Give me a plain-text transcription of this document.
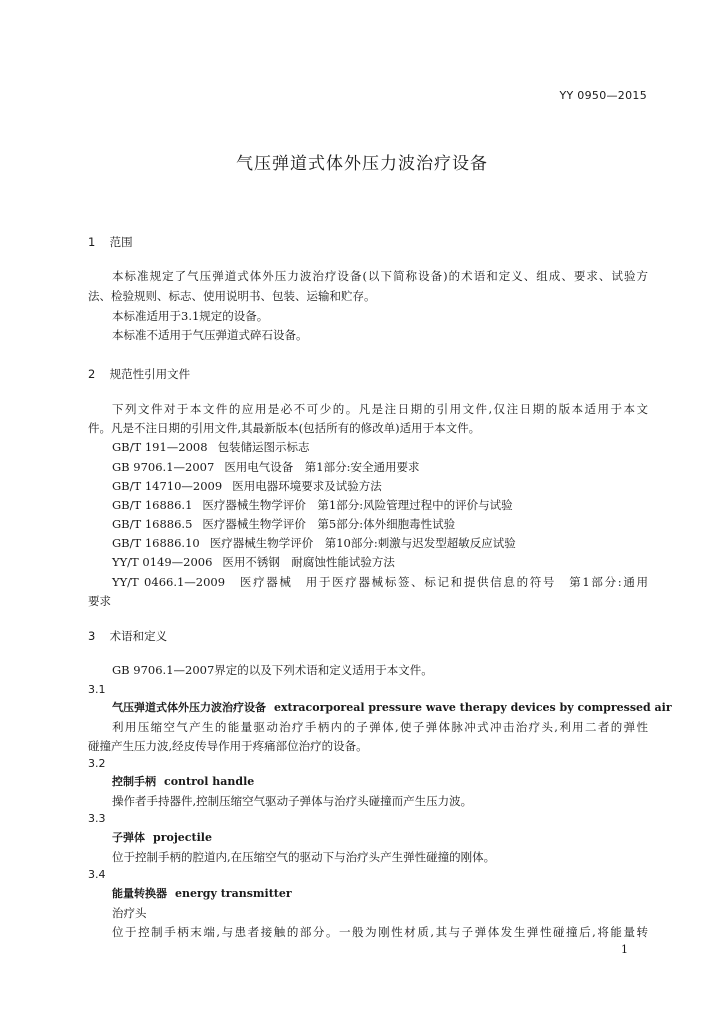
YY 0950—2015
气压弹道式体外压力波治疗设备
1 范围
本标准规定了气压弹道式体外压力波治疗设备(以下简称设备)的术语和定义、组成、要求、试验方
法、检验规则、标志、使用说明书、包装、运输和贮存。
本标准适用于3.1规定的设备。
本标准不适用于气压弹道式碎石设备。
2 规范性引用文件
下列文件对于本文件的应用是必不可少的。凡是注日期的引用文件,仅注日期的版本适用于本文
件。凡是不注日期的引用文件,其最新版本(包括所有的修改单)适用于本文件。
GB/T 191—2008 包装储运图示标志
GB 9706.1—2007 医用电气设备　第1部分:安全通用要求
GB/T 14710—2009 医用电器环境要求及试验方法
GB/T 16886.1 医疗器械生物学评价　第1部分:风险管理过程中的评价与试验
GB/T 16886.5 医疗器械生物学评价　第5部分:体外细胞毒性试验
GB/T 16886.10 医疗器械生物学评价　第10部分:刺激与迟发型超敏反应试验
YY/T 0149—2006 医用不锈钢　耐腐蚀性能试验方法
YY/T 0466.1—2009　医疗器械　用于医疗器械标签、标记和提供信息的符号　第1部分:通用
要求
3 术语和定义
GB 9706.1—2007界定的以及下列术语和定义适用于本文件。
3.1
气压弹道式体外压力波治疗设备 extracorporeal pressure wave therapy devices by compressed air
利用压缩空气产生的能量驱动治疗手柄内的子弹体,使子弹体脉冲式冲击治疗头,利用二者的弹性
碰撞产生压力波,经皮传导作用于疼痛部位治疗的设备。
3.2
控制手柄 control handle
操作者手持器件,控制压缩空气驱动子弹体与治疗头碰撞而产生压力波。
3.3
子弹体 projectile
位于控制手柄的腔道内,在压缩空气的驱动下与治疗头产生弹性碰撞的刚体。
3.4
能量转换器 energy transmitter
治疗头
位于控制手柄末端,与患者接触的部分。一般为刚性材质,其与子弹体发生弹性碰撞后,将能量转
1
